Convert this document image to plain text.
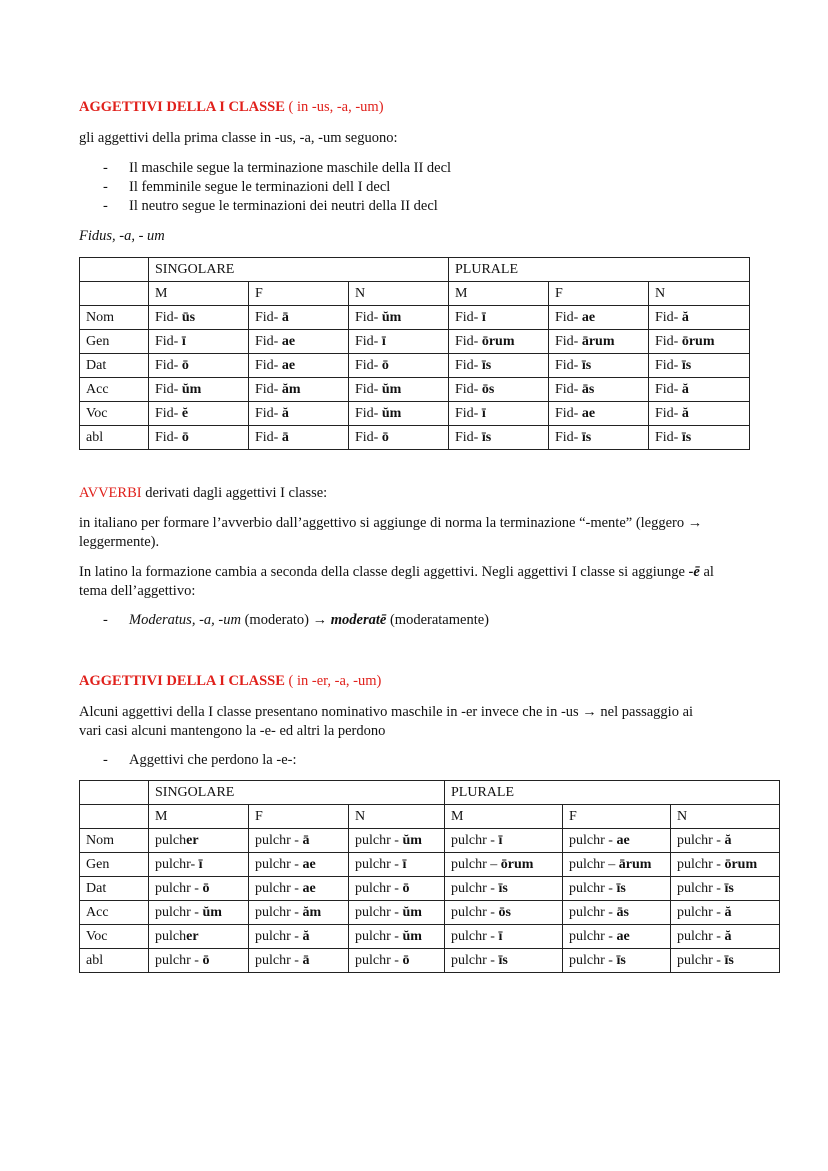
AGGETTIVI DELLA I CLASSE ( in -us, -a, -um)
gli aggettivi della prima classe in -us, -a, -um seguono:
- Il maschile segue la terminazione maschile della II decl
- Il femminile segue le terminazioni dell I decl
- Il neutro segue le terminazioni dei neutri della II decl
Fidus, -a, - um
	SINGOLARE			PLURALE		
	M	F	N	M	F	N
Nom	Fid- ūs	Fid- ā	Fid- ŭm	Fid- ī	Fid- ae	Fid- ă
Gen	Fid- ī	Fid- ae	Fid- ī	Fid- ōrum	Fid- ārum	Fid- ōrum
Dat	Fid- ō	Fid- ae	Fid- ō	Fid- īs	Fid- īs	Fid- īs
Acc	Fid- ŭm	Fid- ăm	Fid- ŭm	Fid- ōs	Fid- ās	Fid- ă
Voc	Fid- ĕ	Fid- ă	Fid- ŭm	Fid- ī	Fid- ae	Fid- ă
abl	Fid- ō	Fid- ā	Fid- ō	Fid- īs	Fid- īs	Fid- īs
AVVERBI derivati dagli aggettivi I classe:
in italiano per formare l’avverbio dall’aggettivo si aggiunge di norma la terminazione “-mente” (leggero →
leggermente).
In latino la formazione cambia a seconda della classe degli aggettivi. Negli aggettivi I classe si aggiunge -ē al
tema dell’aggettivo:
- Moderatus, -a, -um (moderato) → moderatē (moderatamente)
AGGETTIVI DELLA I CLASSE ( in -er, -a, -um)
Alcuni aggettivi della I classe presentano nominativo maschile in -er invece che in -us → nel passaggio ai
vari casi alcuni mantengono la -e- ed altri la perdono
- Aggettivi che perdono la -e-:
	SINGOLARE			PLURALE		
	M	F	N	M	F	N
Nom	pulcher	pulchr - ā	pulchr - ŭm	pulchr - ī	pulchr - ae	pulchr - ă
Gen	pulchr- ī	pulchr - ae	pulchr - ī	pulchr – ōrum	pulchr – ārum	pulchr - ōrum
Dat	pulchr - ō	pulchr - ae	pulchr - ō	pulchr - īs	pulchr - īs	pulchr - īs
Acc	pulchr - ŭm	pulchr - ăm	pulchr - ŭm	pulchr - ōs	pulchr - ās	pulchr - ă
Voc	pulcher	pulchr - ă	pulchr - ŭm	pulchr - ī	pulchr - ae	pulchr - ă
abl	pulchr - ō	pulchr - ā	pulchr - ō	pulchr - īs	pulchr - īs	pulchr - īs
